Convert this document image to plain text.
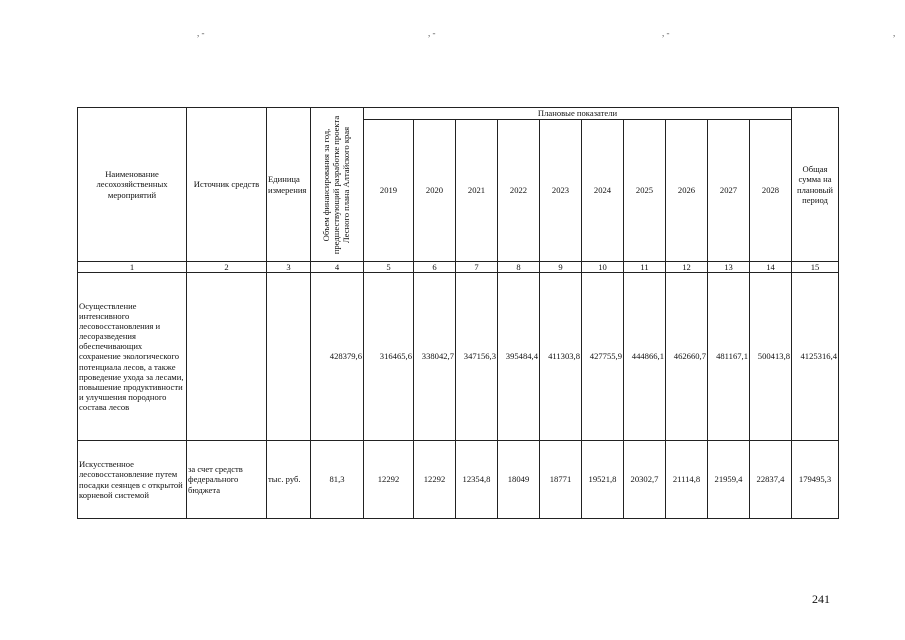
, -	, -	, -	,
Наименование лесохозяйственных мероприятий	Источник средств	Единица измерения	Объем финансирования за год, предшествующий разработке проекта Лесного плана Алтайского края	Плановые показатели										Общая сумма на плановый период
				2019	2020	2021	2022	2023	2024	2025	2026	2027	2028	
1	2	3	4	5	6	7	8	9	10	11	12	13	14	15
Осуществление интенсивного лесовосстановления и лесоразведения обеспечивающих сохранение экологического потенциала лесов, а также проведение ухода за лесами, повышение продуктивности и улучшения породного состава лесов			428379,6	316465,6	338042,7	347156,3	395484,4	411303,8	427755,9	444866,1	462660,7	481167,1	500413,8	4125316,4
Искусственное лесовосстановление путем посадки сеянцев с открытой корневой системой	за счет средств федерального бюджета	тыс. руб.	81,3	12292	12292	12354,8	18049	18771	19521,8	20302,7	21114,8	21959,4	22837,4	179495,3
241
